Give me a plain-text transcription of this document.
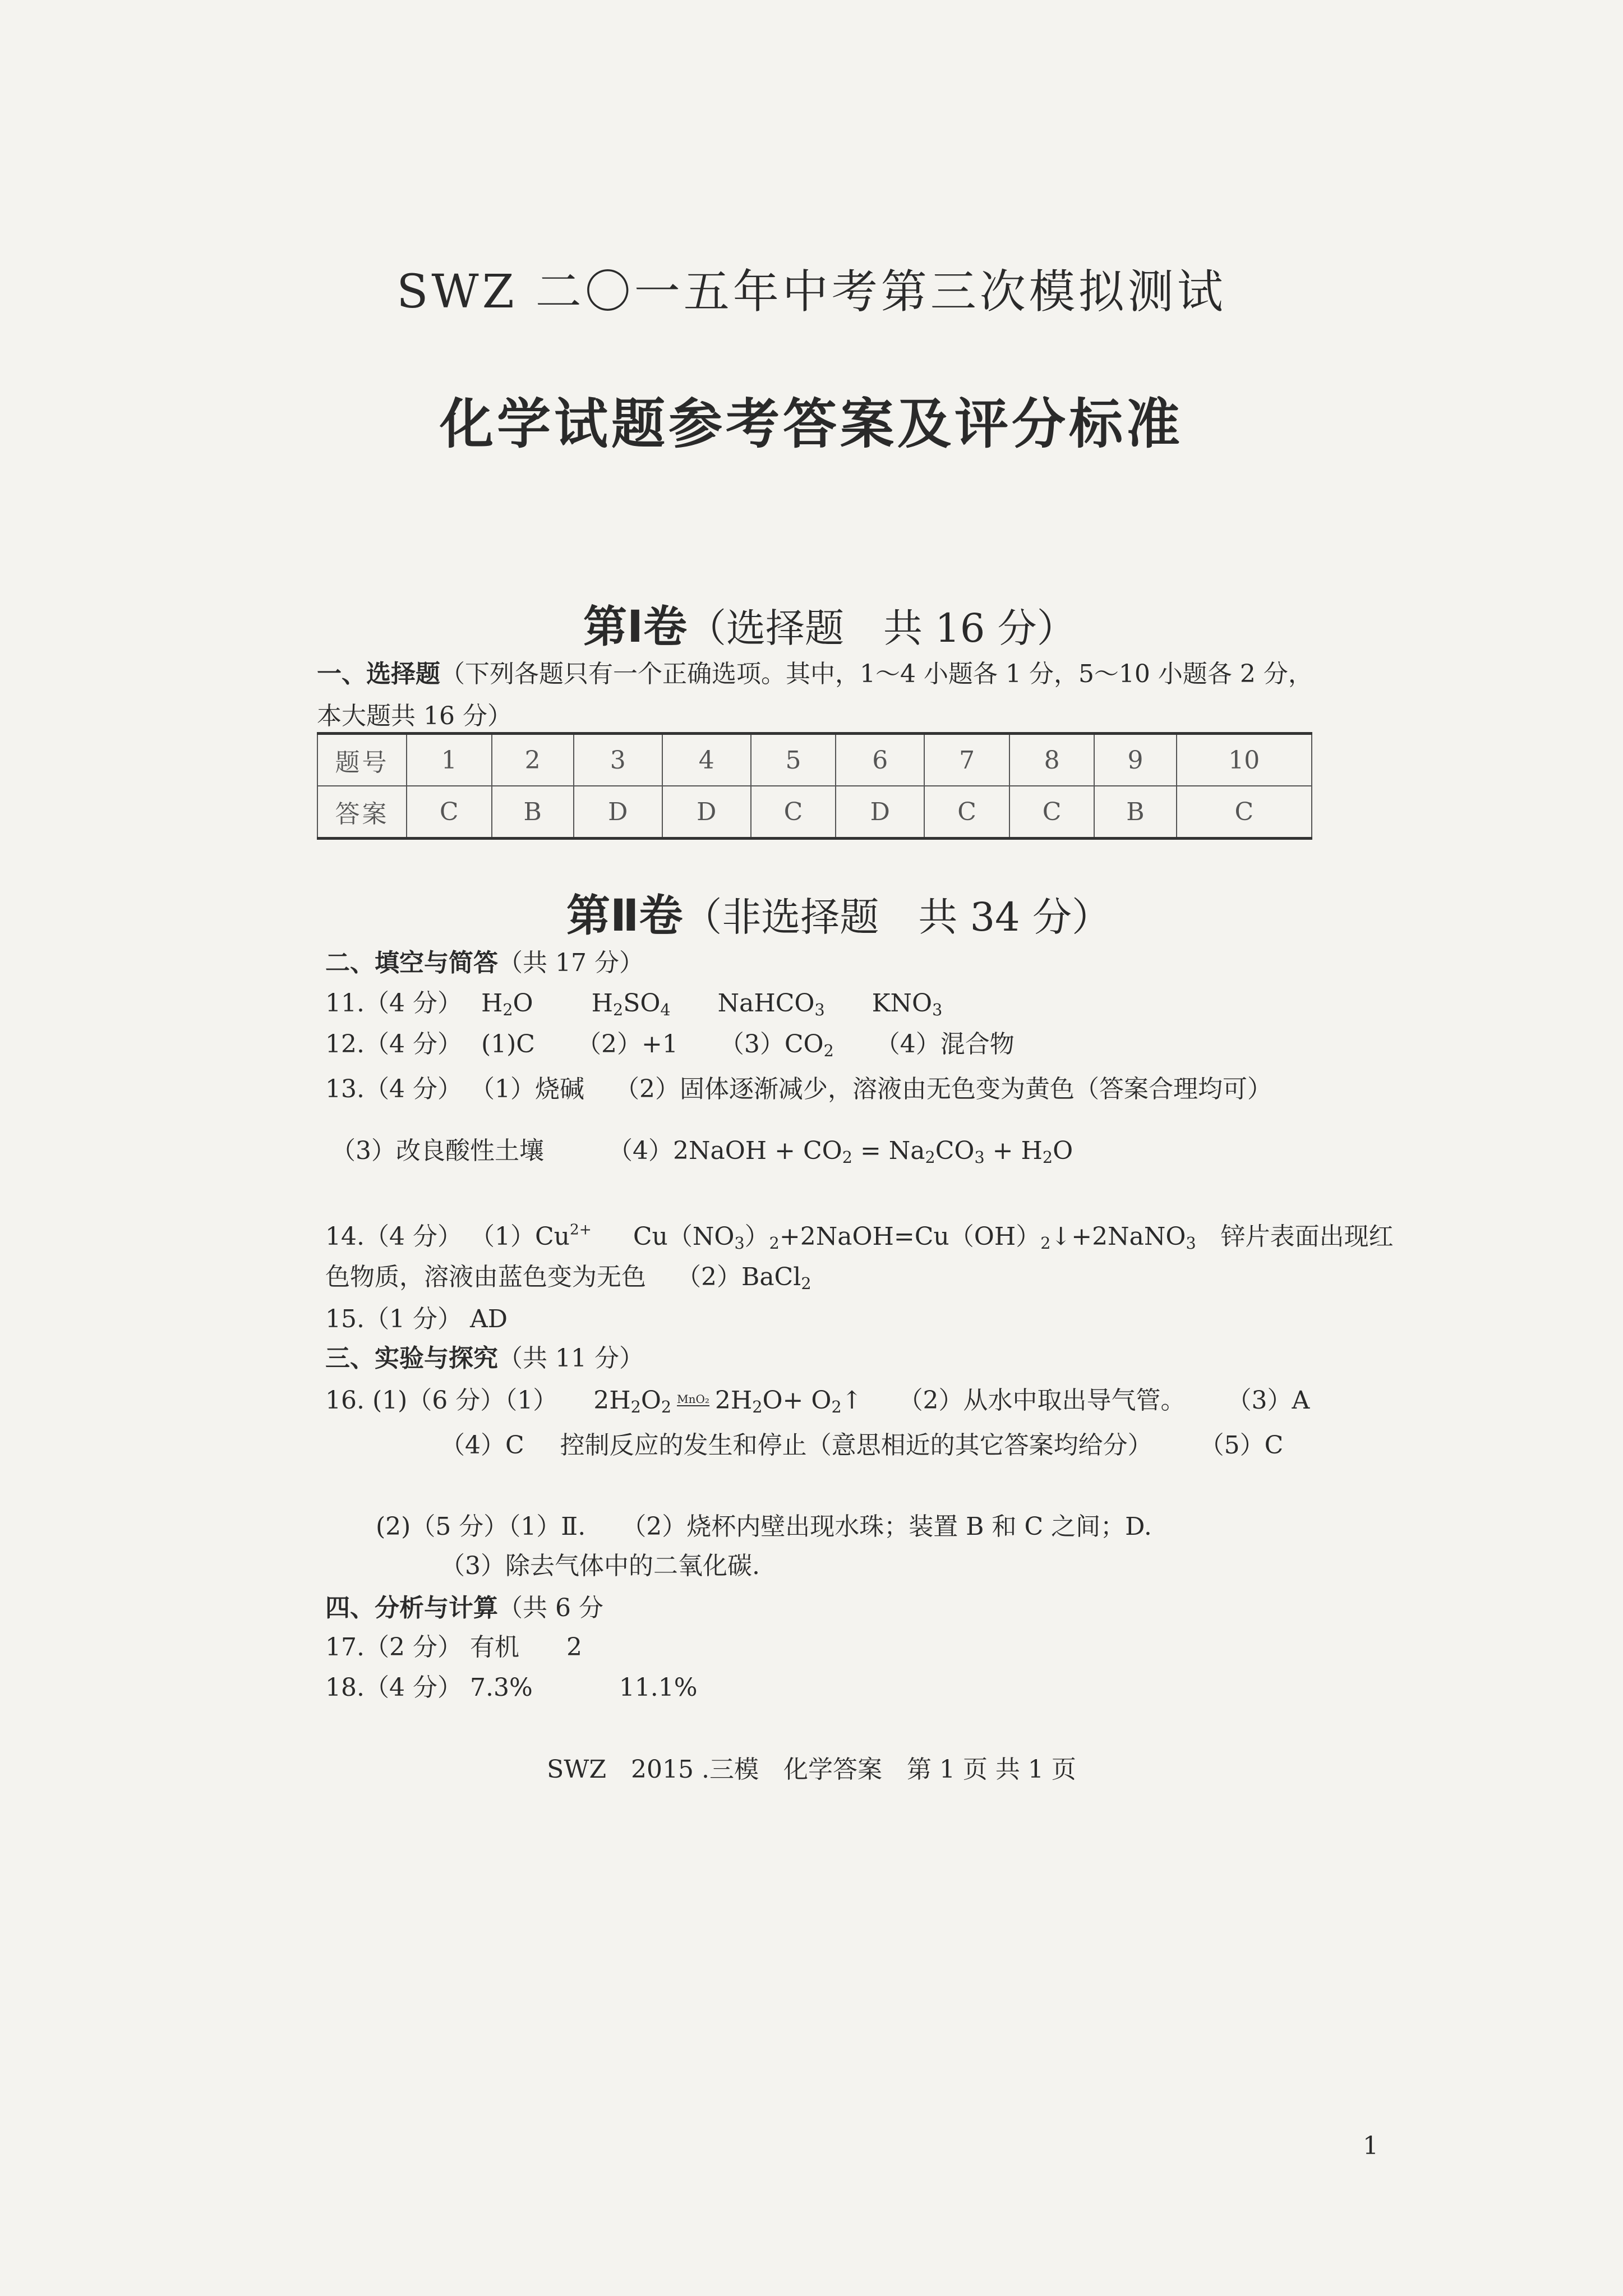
SWZ 二〇一五年中考第三次模拟测试
化学试题参考答案及评分标准
第Ⅰ卷（选择题　共 16 分）
一、选择题（下列各题只有一个正确选项。其中，1～4 小题各 1 分，5～10 小题各 2 分，
本大题共 16 分）
题号	1	2	3	4	5	6	7	8	9	10
答案	C	B	D	D	C	D	C	C	B	C
第Ⅱ卷（非选择题　共 34 分）
二、填空与简答（共 17 分）
11.（4 分） $H_2O$ $H_2SO_4$ NaHCO$_3$ $KNO_3$
12.（4 分） (1)C （2）+1 $(3)CO_2$ （4）混合物
13.（4 分） （1）烧碱 （2）固体逐渐减少，溶液由无色变为黄色（答案合理均可）
（3）改良酸性土壤	（4）2NaOH + $CO_2 = Na_2CO_3 + H_2O$
14.（4 分） $(1)Cu^{2+}$ $Cu(NO_3)_2+2NaOH=Cu(OH)_2↓+2NaNO_3$ 锌片表面出现红
色物质，溶液由蓝色变为无色 （2）BaCl$_2$
15.（1 分） AD
三、实验与探究（共 11 分）
16. (1)（6 分）（1） $2H_2O_2$ MnO₂ $2H_2O+$ $O_2↑$ （2）从水中取出导气管。 （3）A
（4）C 控制反应的发生和停止（意思相近的其它答案均给分） （5）C
(2)（5 分）（1）Ⅱ. （2）烧杯内壁出现水珠；装置 B 和 C 之间；D.
（3）除去气体中的二氧化碳.
四、分析与计算（共 6 分
17.（2 分） 有机 2
18.（4 分） 7.3%	11.1%
SWZ　2015 .三模　化学答案　第 1 页 共 1 页
1
